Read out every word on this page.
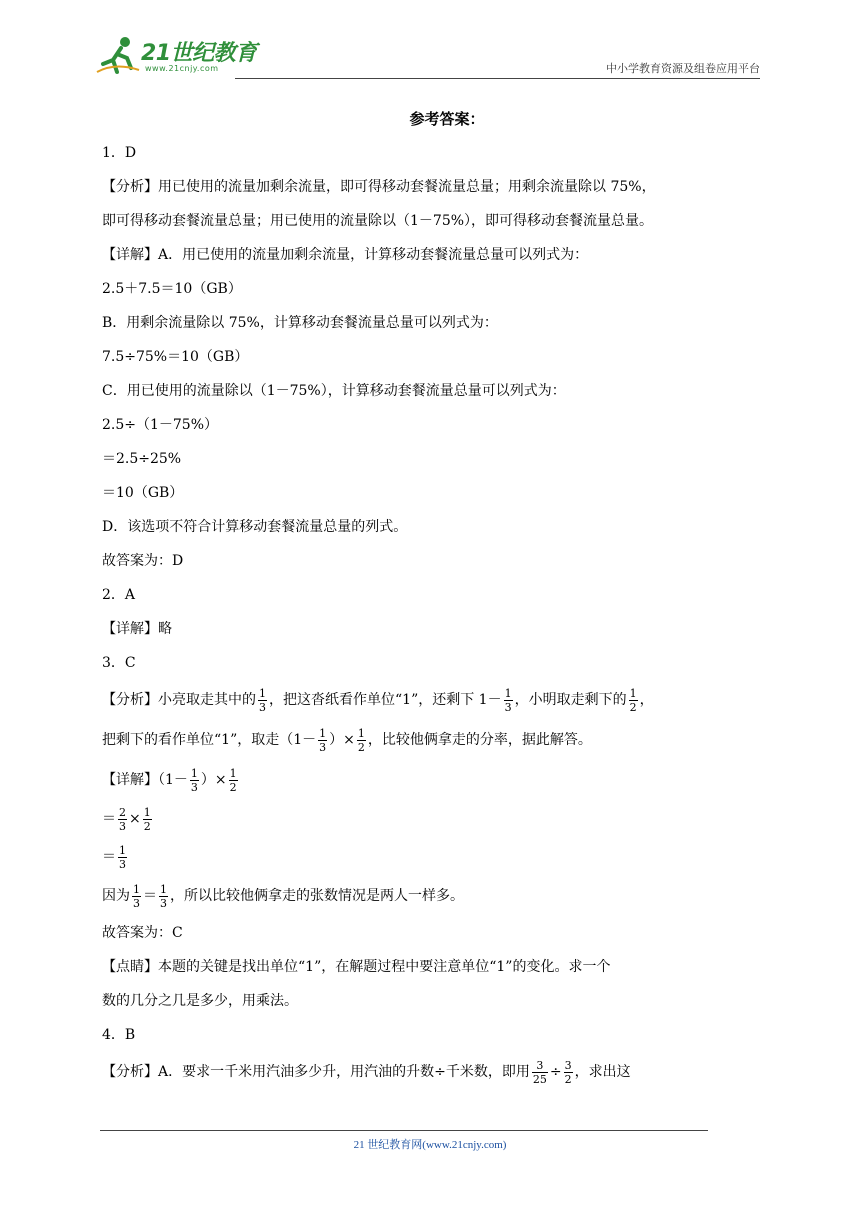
21世纪教育
www.21cnjy.com	中小学教育资源及组卷应用平台
参考答案：
1．D
【分析】用已使用的流量加剩余流量，即可得移动套餐流量总量；用剩余流量除以 75%，
即可得移动套餐流量总量；用已使用的流量除以（1－75%），即可得移动套餐流量总量。
【详解】A．用已使用的流量加剩余流量，计算移动套餐流量总量可以列式为：
2.5＋7.5＝10（GB）
B．用剩余流量除以 75%，计算移动套餐流量总量可以列式为：
7.5÷75%＝10（GB）
C．用已使用的流量除以（1－75%），计算移动套餐流量总量可以列式为：
2.5÷（1－75%）
＝2.5÷25%
＝10（GB）
D．该选项不符合计算移动套餐流量总量的列式。
故答案为：D
2．A
【详解】略
3．C
【分析】小亮取走其中的 $\frac{1}{3}$ ，把这沓纸看作单位“1”，还剩下 $1- \frac{1}{3}$ ，小明取走剩下的 $\frac{1}{2}$ ，
把剩下的看作单位“1”，取走（$1- \frac{1}{3}$ ）× $\frac{1}{2}$ ，比较他俩拿走的分率，据此解答。
【详解】（$1- \frac{1}{3}$ ）× $\frac{1}{2}$
＝ $\frac{2}{3} \times \frac{1}{2}$
＝ $\frac{1}{3}$
因为 $\frac{1}{3} = \frac{1}{3}$ ，所以比较他俩拿走的张数情况是两人一样多。
故答案为：C
【点睛】本题的关键是找出单位“1”，在解题过程中要注意单位“1”的变化。求一个
数的几分之几是多少，用乘法。
4．B
【分析】A．要求一千米用汽油多少升，用汽油的升数÷千米数，即用 $\frac{3}{25} \div \frac{3}{2}$ ，求出这
21 世纪教育网(www.21cnjy.com)
